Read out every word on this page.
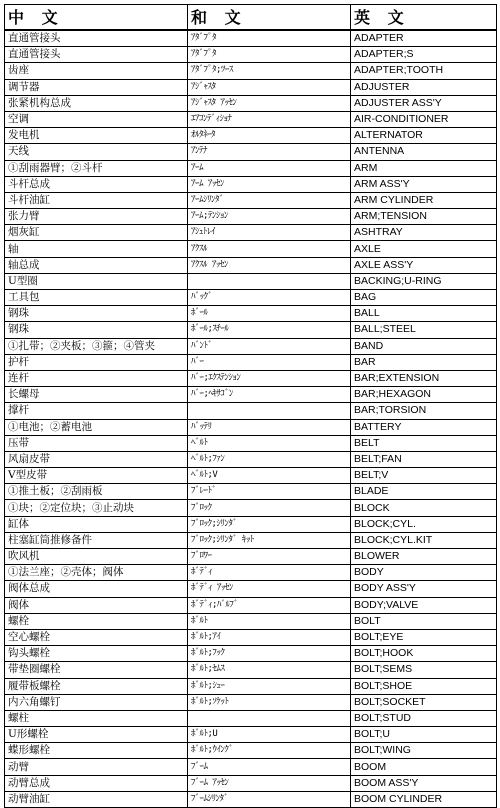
中 文	和 文	英 文
直通管接头	ｱﾀﾞﾌﾟﾀ	ADAPTER
直通管接头	ｱﾀﾞﾌﾟﾀ	ADAPTER;S
齿座	ｱﾀﾞﾌﾟﾀ;ﾂｰｽ	ADAPTER;TOOTH
调节器	ｱｼﾞｬｽﾀ	ADJUSTER
张紧机构总成	ｱｼﾞｬｽﾀ ｱｯｾﾝ	ADJUSTER ASS'Y
空调	ｴｱｺﾝﾃﾞｨｼｮﾅ	AIR-CONDITIONER
发电机	ｵﾙﾀﾈｰﾀ	ALTERNATOR
天线	ｱﾝﾃﾅ	ANTENNA
①刮雨器臂；②斗杆	ｱｰﾑ	ARM
斗杆总成	ｱｰﾑ ｱｯｾﾝ	ARM ASS'Y
斗杆油缸	ｱｰﾑｼﾘﾝﾀﾞ	ARM CYLINDER
张力臂	ｱｰﾑ;ﾃﾝｼｮﾝ	ARM;TENSION
烟灰缸	ｱｼｭﾄﾚｲ	ASHTRAY
轴	ｱｸｽﾙ	AXLE
轴总成	ｱｸｽﾙ ｱｯｾﾝ	AXLE ASS'Y
U型圈		BACKING;U-RING
工具包	ﾊﾞｯｸﾞ	BAG
钢珠	ﾎﾞｰﾙ	BALL
钢珠	ﾎﾞｰﾙ;ｽﾁｰﾙ	BALL;STEEL
①扎带；②夹板；③箍；④管夹	ﾊﾞﾝﾄﾞ	BAND
护杆	ﾊﾞｰ	BAR
连杆	ﾊﾞｰ;ｴｸｽﾃﾝｼｮﾝ	BAR;EXTENSION
长螺母	ﾊﾞｰ;ﾍｷｻｺﾞﾝ	BAR;HEXAGON
撑杆		BAR;TORSION
①电池；②蓄电池	ﾊﾞｯﾃﾘ	BATTERY
压带	ﾍﾞﾙﾄ	BELT
风扇皮带	ﾍﾞﾙﾄ;ﾌｧﾝ	BELT;FAN
V型皮带	ﾍﾞﾙﾄ;V	BELT;V
①推土板；②刮雨板	ﾌﾞﾚｰﾄﾞ	BLADE
①块；②定位块；③止动块	ﾌﾞﾛｯｸ	BLOCK
缸体	ﾌﾞﾛｯｸ;ｼﾘﾝﾀﾞ	BLOCK;CYL.
柱塞缸筒推修备件	ﾌﾞﾛｯｸ;ｼﾘﾝﾀﾞ ｷｯﾄ	BLOCK;CYL.KIT
吹风机	ﾌﾞﾛﾜｰ	BLOWER
①法兰座；②壳体；阀体	ﾎﾞﾃﾞｨ	BODY
阀体总成	ﾎﾞﾃﾞｨ ｱｯｾﾝ	BODY ASS'Y
阀体	ﾎﾞﾃﾞｨ;ﾊﾞﾙﾌﾞ	BODY;VALVE
螺栓	ﾎﾞﾙﾄ	BOLT
空心螺栓	ﾎﾞﾙﾄ;ｱｲ	BOLT;EYE
钩头螺栓	ﾎﾞﾙﾄ;ﾌｯｸ	BOLT;HOOK
带垫圈螺栓	ﾎﾞﾙﾄ;ｾﾑｽ	BOLT;SEMS
履带板螺栓	ﾎﾞﾙﾄ;ｼｭｰ	BOLT;SHOE
内六角螺钉	ﾎﾞﾙﾄ;ｿｹｯﾄ	BOLT;SOCKET
螺柱		BOLT;STUD
U形螺栓	ﾎﾞﾙﾄ;U	BOLT;U
蝶形螺栓	ﾎﾞﾙﾄ;ｳｲﾝｸﾞ	BOLT;WING
动臂	ﾌﾞｰﾑ	BOOM
动臂总成	ﾌﾞｰﾑ ｱｯｾﾝ	BOOM ASS'Y
动臂油缸	ﾌﾞｰﾑｼﾘﾝﾀﾞ	BOOM CYLINDER
